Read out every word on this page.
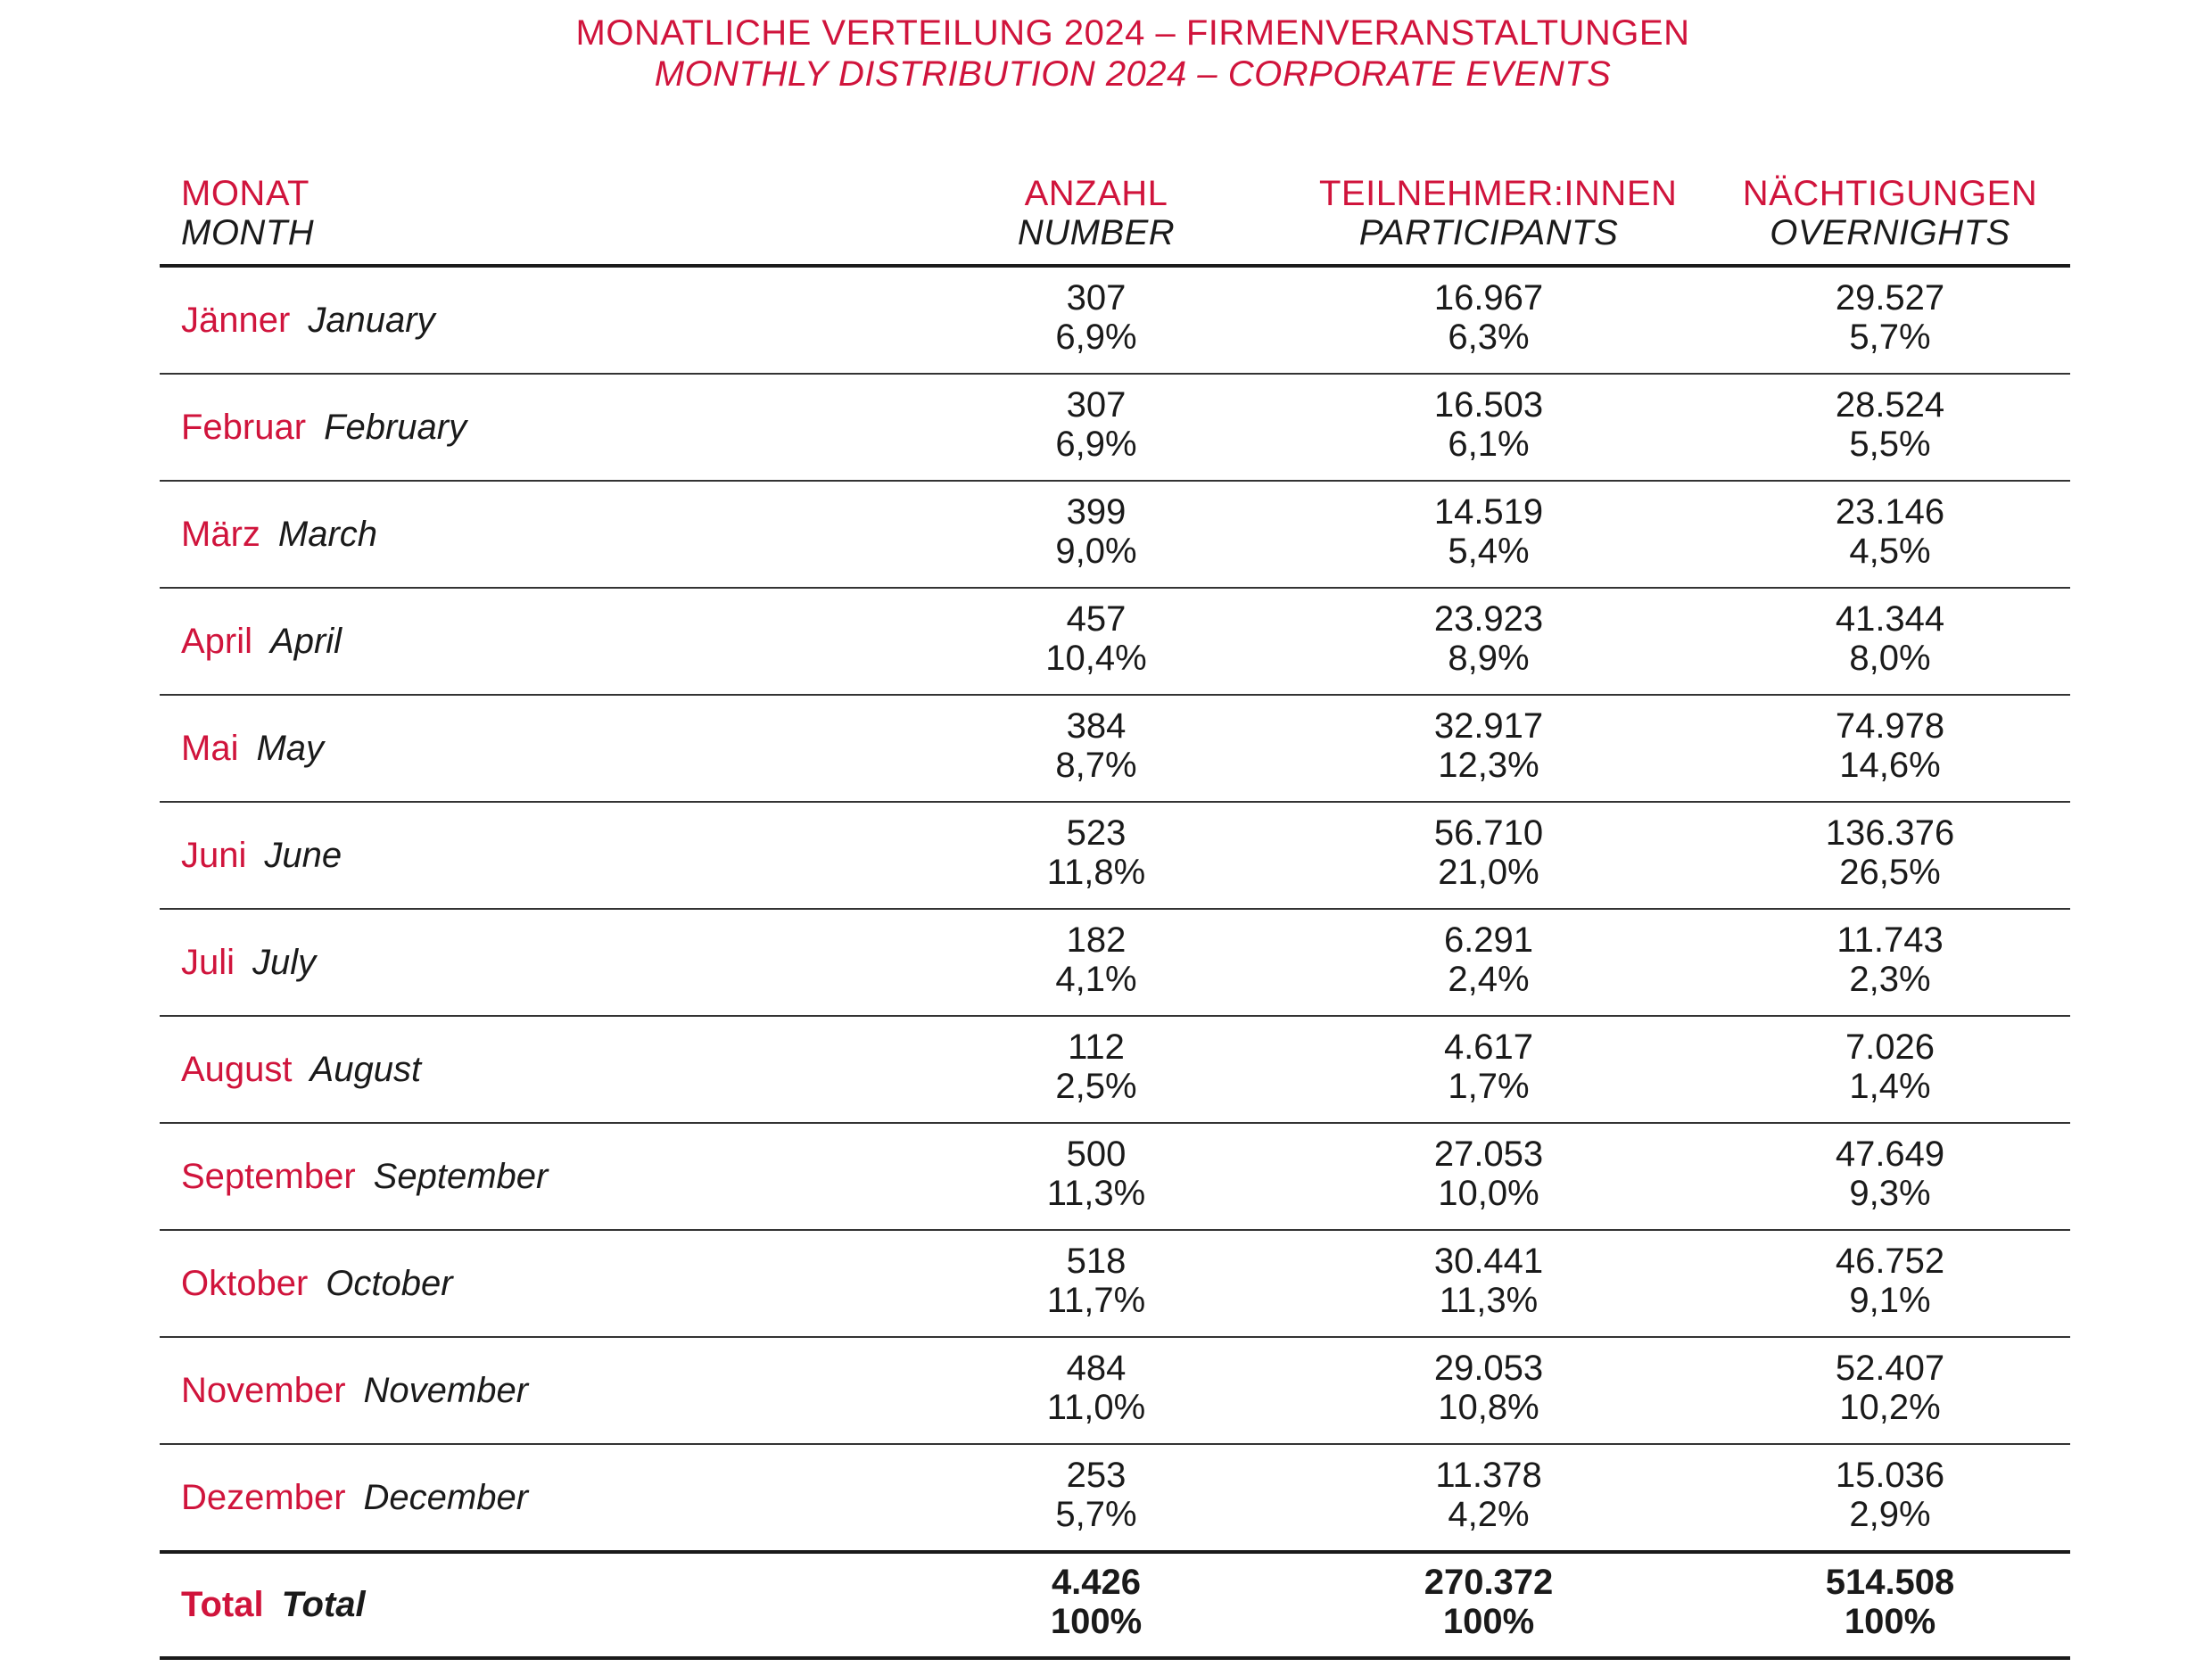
MONATLICHE VERTEILUNG 2024 – FIRMENVERANSTALTUNGEN
MONTHLY DISTRIBUTION 2024 – CORPORATE EVENTS
MONAT
MONTH
ANZAHL
NUMBER
TEILNEHMER:INNEN
PARTICIPANTS
NÄCHTIGUNGEN
OVERNIGHTS
Jänner January
307
6,9%
16.967
6,3%
29.527
5,7%
Februar February
307
6,9%
16.503
6,1%
28.524
5,5%
März March
399
9,0%
14.519
5,4%
23.146
4,5%
April April
457
10,4%
23.923
8,9%
41.344
8,0%
Mai May
384
8,7%
32.917
12,3%
74.978
14,6%
Juni June
523
11,8%
56.710
21,0%
136.376
26,5%
Juli July
182
4,1%
6.291
2,4%
11.743
2,3%
August August
112
2,5%
4.617
1,7%
7.026
1,4%
September September
500
11,3%
27.053
10,0%
47.649
9,3%
Oktober October
518
11,7%
30.441
11,3%
46.752
9,1%
November November
484
11,0%
29.053
10,8%
52.407
10,2%
Dezember December
253
5,7%
11.378
4,2%
15.036
2,9%
Total Total
4.426
100%
270.372
100%
514.508
100%
